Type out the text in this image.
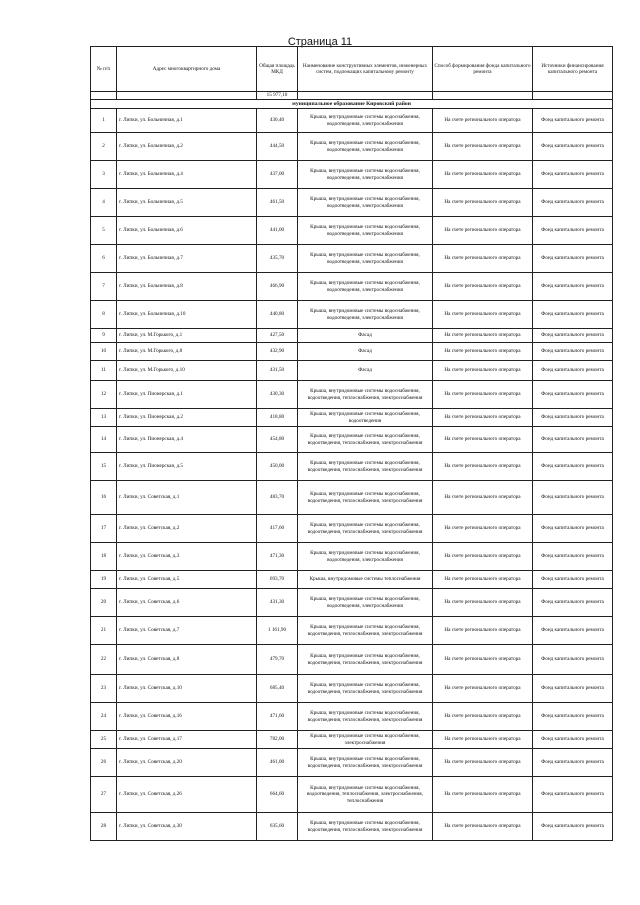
Страница 11
№ п/п	Адрес многоквартирного дома	Общая площадь МКД	Наименование конструктивных элементов, инженерных систем, подлежащих капитальному ремонту	Способ формирования фонда капитального ремонта	Источники финансирования капитального ремонта
		15 977,10			
муниципальное образование Кировский район					
1	г. Липки, ул. Больничная, д.1	430,40	Крыша, внутридомовые системы водоснабжения, водоотведения, электроснабжения	На счете регионального оператора	Фонд капитального ремонта
2	г. Липки, ул. Больничная, д.2	444,50	Крыша, внутридомовые системы водоснабжения, водоотведения, электроснабжения	На счете регионального оператора	Фонд капитального ремонта
3	г. Липки, ул. Больничная, д.4	437,00	Крыша, внутридомовые системы водоснабжения, водоотведения, электроснабжения	На счете регионального оператора	Фонд капитального ремонта
4	г. Липки, ул. Больничная, д.5	461,50	Крыша, внутридомовые системы водоснабжения, водоотведения, электроснабжения	На счете регионального оператора	Фонд капитального ремонта
5	г. Липки, ул. Больничная, д.6	441,00	Крыша, внутридомовые системы водоснабжения, водоотведения, электроснабжения	На счете регионального оператора	Фонд капитального ремонта
6	г. Липки, ул. Больничная, д.7	435,70	Крыша, внутридомовые системы водоснабжения, водоотведения, электроснабжения	На счете регионального оператора	Фонд капитального ремонта
7	г. Липки, ул. Больничная, д.8	466,90	Крыша, внутридомовые системы водоснабжения, водоотведения, электроснабжения	На счете регионального оператора	Фонд капитального ремонта
8	г. Липки, ул. Больничная, д.10	440,80	Крыша, внутридомовые системы водоснабжения, водоотведения, электроснабжения	На счете регионального оператора	Фонд капитального ремонта
9	г. Липки, ул. М.Горького, д.1	427,50	Фасад	На счете регионального оператора	Фонд капитального ремонта
10	г. Липки, ул. М.Горького, д.8	432,90	Фасад	На счете регионального оператора	Фонд капитального ремонта
11	г. Липки, ул. М.Горького, д.10	431,50	Фасад	На счете регионального оператора	Фонд капитального ремонта
12	г. Липки, ул. Пионерская, д.1	430,30	Крыша, внутридомовые системы водоснабжения, водоотведения, теплоснабжения, электроснабжения	На счете регионального оператора	Фонд капитального ремонта
13	г. Липки, ул. Пионерская, д.2	418,80	Крыша, внутридомовые системы водоснабжения, водоотведения	На счете регионального оператора	Фонд капитального ремонта
14	г. Липки, ул. Пионерская, д.4	454,80	Крыша, внутридомовые системы водоснабжения, водоотведения, теплоснабжения, электроснабжения	На счете регионального оператора	Фонд капитального ремонта
15	г. Липки, ул. Пионерская, д.5	450,00	Крыша, внутридомовые системы водоснабжения, водоотведения, теплоснабжения, электроснабжения	На счете регионального оператора	Фонд капитального ремонта
16	г. Липки, ул. Советская, д.1	483,70	Крыша, внутридомовые системы водоснабжения, водоотведения, теплоснабжения, электроснабжения	На счете регионального оператора	Фонд капитального ремонта
17	г. Липки, ул. Советская, д.2	417,60	Крыша, внутридомовые системы водоснабжения, водоотведения, теплоснабжения, электроснабжения	На счете регионального оператора	Фонд капитального ремонта
18	г. Липки, ул. Советская, д.3	471,30	Крыша, внутридомовые системы водоснабжения, водоотведения, электроснабжения	На счете регионального оператора	Фонд капитального ремонта
19	г. Липки, ул. Советская, д.5	693,70	Крыша, внутридомовые системы теплоснабжения	На счете регионального оператора	Фонд капитального ремонта
20	г. Липки, ул. Советская, д.6	431,30	Крыша, внутридомовые системы водоснабжения, водоотведения, электроснабжения	На счете регионального оператора	Фонд капитального ремонта
21	г. Липки, ул. Советская, д.7	1 161,90	Крыша, внутридомовые системы водоснабжения, водоотведения, теплоснабжения, электроснабжения	На счете регионального оператора	Фонд капитального ремонта
22	г. Липки, ул. Советская, д.8	479,70	Крыша, внутридомовые системы водоснабжения, водоотведения, теплоснабжения, электроснабжения	На счете регионального оператора	Фонд капитального ремонта
23	г. Липки, ул. Советская, д.10	685,40	Крыша, внутридомовые системы водоснабжения, водоотведения, теплоснабжения, электроснабжения	На счете регионального оператора	Фонд капитального ремонта
24	г. Липки, ул. Советская, д.16	471,60	Крыша, внутридомовые системы водоснабжения, водоотведения, теплоснабжения, электроснабжения	На счете регионального оператора	Фонд капитального ремонта
25	г. Липки, ул. Советская, д.17	782,00	Крыша, внутридомовые системы водоснабжения, электроснабжения	На счете регионального оператора	Фонд капитального ремонта
26	г. Липки, ул. Советская, д.20	461,00	Крыша, внутридомовые системы водоснабжения, водоотведения, теплоснабжения, электроснабжения	На счете регионального оператора	Фонд капитального ремонта
27	г. Липки, ул. Советская, д.26	664,60	Крыша, внутридомовые системы водоснабжения, водоотведения, теплоснабжения, электроснабжения, теплоснабжения	На счете регионального оператора	Фонд капитального ремонта
28	г. Липки, ул. Советская, д.30	635,60	Крыша, внутридомовые системы водоснабжения, водоотведения, теплоснабжения, электроснабжения	На счете регионального оператора	Фонд капитального ремонта
